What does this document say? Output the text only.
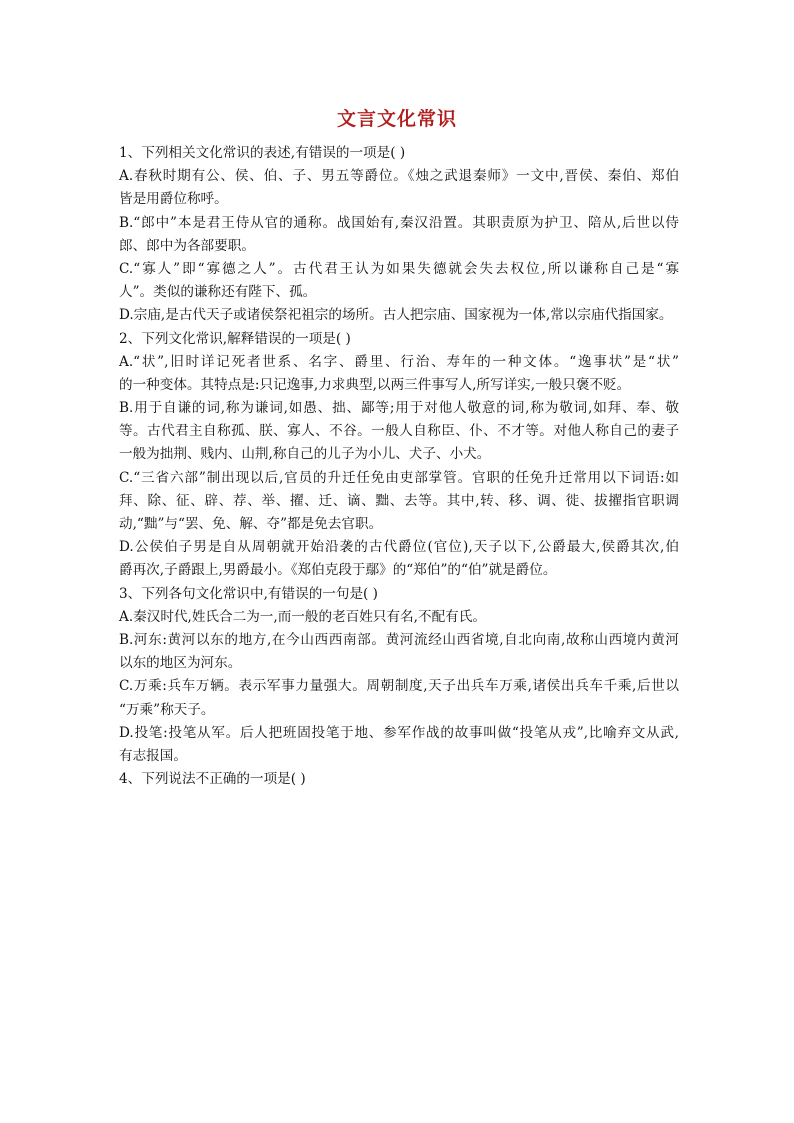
文言文化常识
1、下列相关文化常识的表述,有错误的一项是( )
A.春秋时期有公、侯、伯、子、男五等爵位。《烛之武退秦师》一文中,晋侯、秦伯、郑伯
皆是用爵位称呼。
B.“郎中”本是君王侍从官的通称。战国始有,秦汉沿置。其职责原为护卫、陪从,后世以侍
郎、郎中为各部要职。
C.“寡人”即“寡德之人”。古代君王认为如果失德就会失去权位,所以谦称自己是“寡
人”。类似的谦称还有陛下、孤。
D.宗庙,是古代天子或诸侯祭祀祖宗的场所。古人把宗庙、国家视为一体,常以宗庙代指国家。
2、下列文化常识,解释错误的一项是( )
A.“状”,旧时详记死者世系、名字、爵里、行治、寿年的一种文体。“逸事状”是“状”
的一种变体。其特点是:只记逸事,力求典型,以两三件事写人,所写详实,一般只褒不贬。
B.用于自谦的词,称为谦词,如愚、拙、鄙等;用于对他人敬意的词,称为敬词,如拜、奉、敬
等。古代君主自称孤、朕、寡人、不谷。一般人自称臣、仆、不才等。对他人称自己的妻子
一般为拙荆、贱内、山荆,称自己的儿子为小儿、犬子、小犬。
C.“三省六部”制出现以后,官员的升迁任免由吏部掌管。官职的任免升迁常用以下词语:如
拜、除、征、辟、荐、举、擢、迁、谪、黜、去等。其中,转、移、调、徙、拔擢指官职调
动,“黜”与“罢、免、解、夺”都是免去官职。
D.公侯伯子男是自从周朝就开始沿袭的古代爵位(官位),天子以下,公爵最大,侯爵其次,伯
爵再次,子爵跟上,男爵最小。《郑伯克段于鄢》的“郑伯”的“伯”就是爵位。
3、下列各句文化常识中,有错误的一句是( )
A.秦汉时代,姓氏合二为一,而一般的老百姓只有名,不配有氏。
B.河东:黄河以东的地方,在今山西西南部。黄河流经山西省境,自北向南,故称山西境内黄河
以东的地区为河东。
C.万乘:兵车万辆。表示军事力量强大。周朝制度,天子出兵车万乘,诸侯出兵车千乘,后世以
“万乘”称天子。
D.投笔:投笔从军。后人把班固投笔于地、参军作战的故事叫做“投笔从戎”,比喻弃文从武,
有志报国。
4、下列说法不正确的一项是( )
